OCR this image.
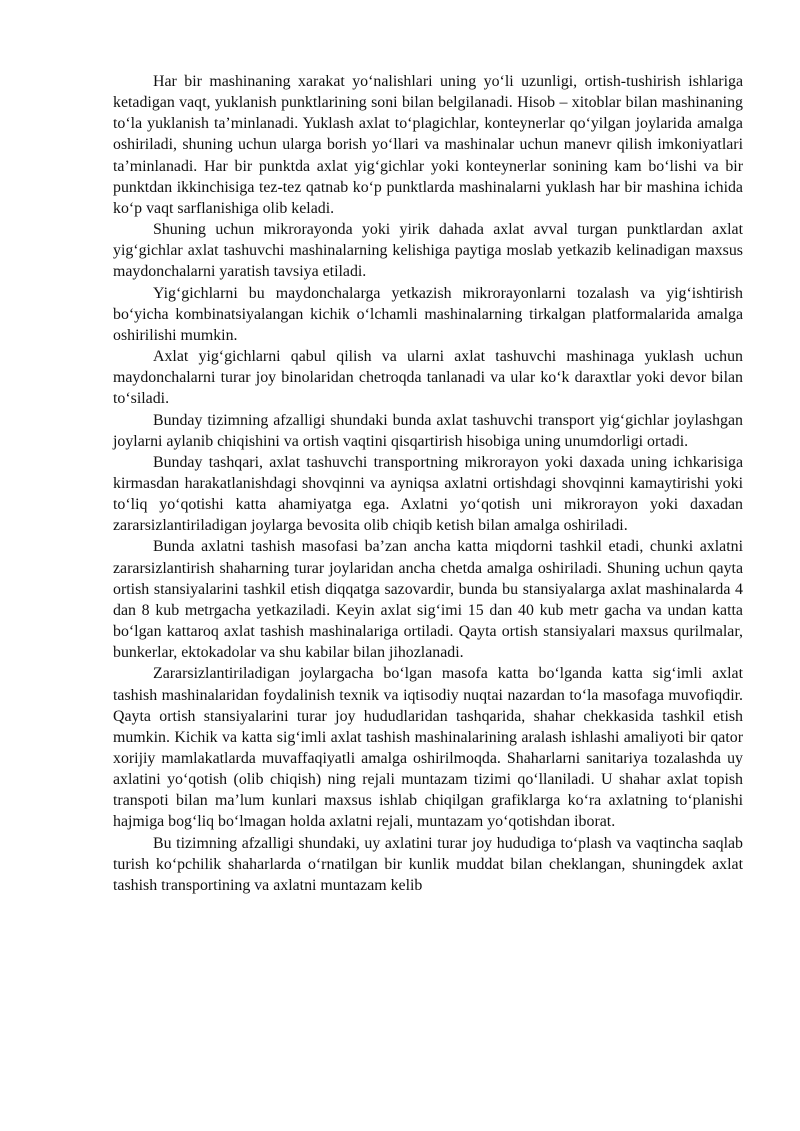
Har bir mashinaning xarakat yo‘nalishlari uning yo‘li uzunligi, ortish-tushirish ishlariga ketadigan vaqt, yuklanish punktlarining soni bilan belgilanadi. Hisob – xitoblar bilan mashinaning to‘la yuklanish ta’minlanadi. Yuklash axlat to‘plagichlar, konteynerlar qo‘yilgan joylarida amalga oshiriladi, shuning uchun ularga borish yo‘llari va mashinalar uchun manevr qilish imkoniyatlari ta’minlanadi. Har bir punktda axlat yig‘gichlar yoki konteynerlar sonining kam bo‘lishi va bir punktdan ikkinchisiga tez-tez qatnab ko‘p punktlarda mashinalarni yuklash har bir mashina ichida ko‘p vaqt sarflanishiga olib keladi.

Shuning uchun mikrorayonda yoki yirik dahada axlat avval turgan punktlardan axlat yig‘gichlar axlat tashuvchi mashinalarning kelishiga paytiga moslab yetkazib kelinadigan maxsus maydonchalarni yaratish tavsiya etiladi.

Yig‘gichlarni bu maydonchalarga yetkazish mikrorayonlarni tozalash va yig‘ishtirish bo‘yicha kombinatsiyalangan kichik o‘lchamli mashinalarning tirkalgan platformalarida amalga oshirilishi mumkin.

Axlat yig‘gichlarni qabul qilish va ularni axlat tashuvchi mashinaga yuklash uchun maydonchalarni turar joy binolaridan chetroqda tanlanadi va ular ko‘k daraxtlar yoki devor bilan to‘siladi.

Bunday tizimning afzalligi shundaki bunda axlat tashuvchi transport yig‘gichlar joylashgan joylarni aylanib chiqishini va ortish vaqtini qisqartirish hisobiga uning unumdorligi ortadi.

Bunday tashqari, axlat tashuvchi transportning mikrorayon yoki daxada uning ichkarisiga kirmasdan harakatlanishdagi shovqinni va ayniqsa axlatni ortishdagi shovqinni kamaytirishi yoki to‘liq yo‘qotishi katta ahamiyatga ega. Axlatni yo‘qotish uni mikrorayon yoki daxadan zararsizlantiriladigan joylarga bevosita olib chiqib ketish bilan amalga oshiriladi.

Bunda axlatni tashish masofasi ba’zan ancha katta miqdorni tashkil etadi, chunki axlatni zararsizlantirish shaharning turar joylaridan ancha chetda amalga oshiriladi. Shuning uchun qayta ortish stansiyalarini tashkil etish diqqatga sazovardir, bunda bu stansiyalarga axlat mashinalarda 4 dan 8 kub metrgacha yetkaziladi. Keyin axlat sig‘imi 15 dan 40 kub metr gacha va undan katta bo‘lgan kattaroq axlat tashish mashinalariga ortiladi. Qayta ortish stansiyalari maxsus qurilmalar, bunkerlar, ektokadolar va shu kabilar bilan jihozlanadi.

Zararsizlantiriladigan joylargacha bo‘lgan masofa katta bo‘lganda katta sig‘imli axlat tashish mashinalaridan foydalinish texnik va iqtisodiy nuqtai nazardan to‘la masofaga muvofiqdir. Qayta ortish stansiyalarini turar joy hududlaridan tashqarida, shahar chekkasida tashkil etish mumkin. Kichik va katta sig‘imli axlat tashish mashinalarining aralash ishlashi amaliyoti bir qator xorijiy mamlakatlarda muvaffaqiyatli amalga oshirilmoqda. Shaharlarni sanitariya tozalashda uy axlatini yo‘qotish (olib chiqish) ning rejali muntazam tizimi qo‘llaniladi. U shahar axlat topish transpoti bilan ma’lum kunlari maxsus ishlab chiqilgan grafiklarga ko‘ra axlatning to‘planishi hajmiga bog‘liq bo‘lmagan holda axlatni rejali, muntazam yo‘qotishdan iborat.

Bu tizimning afzalligi shundaki, uy axlatini turar joy hududiga to‘plash va vaqtincha saqlab turish ko‘pchilik shaharlarda o‘rnatilgan bir kunlik muddat bilan cheklangan, shuningdek axlat tashish transportining va axlatni muntazam kelib
